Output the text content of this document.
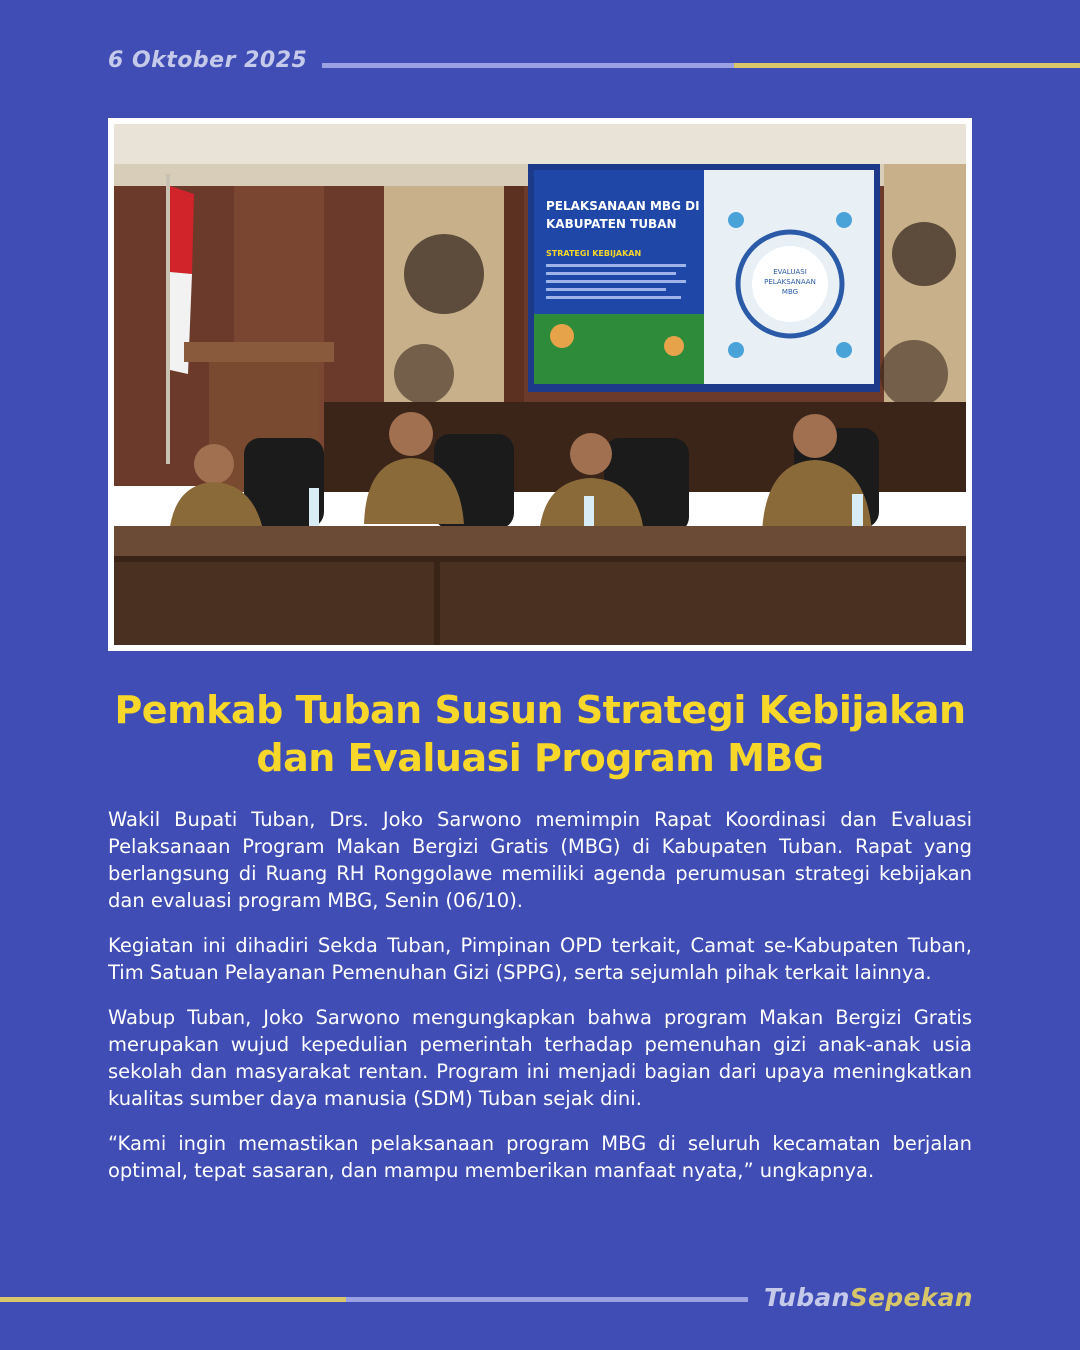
6 Oktober 2025
PELAKSANAAN MBG DI
KABUPATEN TUBAN
STRATEGI KEBIJAKAN
EVALUASI
PELAKSANAAN
MBG
Pemkab Tuban Susun Strategi Kebijakan
dan Evaluasi Program MBG

Wakil Bupati Tuban, Drs. Joko Sarwono memimpin Rapat Koordinasi dan Evaluasi Pelaksanaan Program Makan Bergizi Gratis (MBG) di Kabupaten Tuban. Rapat yang berlangsung di Ruang RH Ronggolawe memiliki agenda perumusan strategi kebijakan dan evaluasi program MBG, Senin (06/10).

Kegiatan ini dihadiri Sekda Tuban, Pimpinan OPD terkait, Camat se-Kabupaten Tuban, Tim Satuan Pelayanan Pemenuhan Gizi (SPPG), serta sejumlah pihak terkait lainnya.

Wabup Tuban, Joko Sarwono mengungkapkan bahwa program Makan Bergizi Gratis merupakan wujud kepedulian pemerintah terhadap pemenuhan gizi anak-anak usia sekolah dan masyarakat rentan. Program ini menjadi bagian dari upaya meningkatkan kualitas sumber daya manusia (SDM) Tuban sejak dini.

“Kami ingin memastikan pelaksanaan program MBG di seluruh kecamatan berjalan optimal, tepat sasaran, dan mampu memberikan manfaat nyata,” ungkapnya.

TubanSepekan
